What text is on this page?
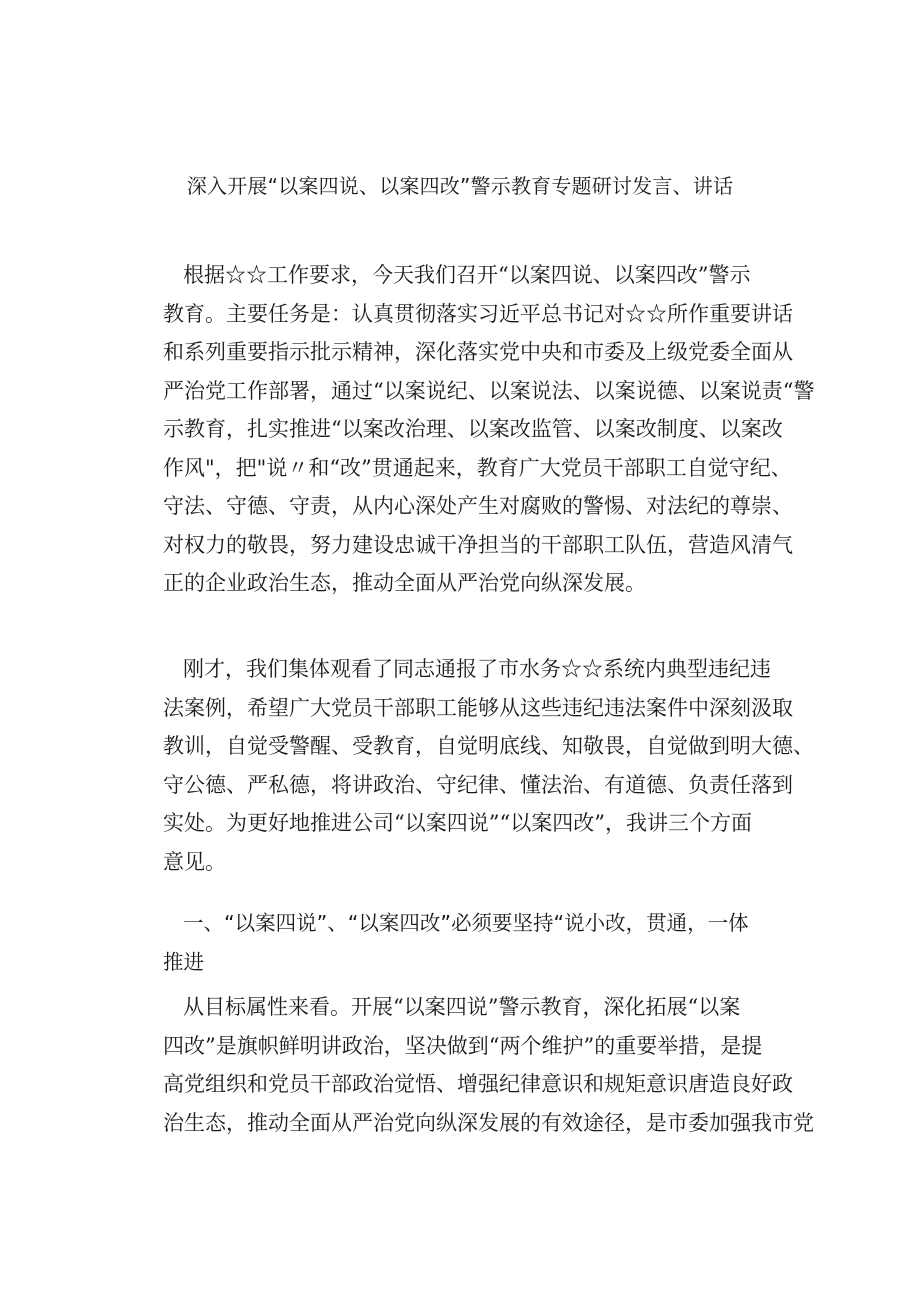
深入开展“以案四说、以案四改”警示教育专题研讨发言、讲话
根据☆☆工作要求，今天我们召开“以案四说、以案四改”警示
教育。主要任务是：认真贯彻落实习近平总书记对☆☆所作重要讲话
和系列重要指示批示精神，深化落实党中央和市委及上级党委全面从
严治党工作部署，通过“以案说纪、以案说法、以案说德、以案说责“警
示教育，扎实推进“以案改治理、以案改监管、以案改制度、以案改
作风"，把"说〃和“改”贯通起来，教育广大党员干部职工自觉守纪、
守法、守德、守责，从内心深处产生对腐败的警惕、对法纪的尊崇、
对权力的敬畏，努力建设忠诚干净担当的干部职工队伍，营造风清气
正的企业政治生态，推动全面从严治党向纵深发展。
刚才，我们集体观看了同志通报了市水务☆☆系统内典型违纪违
法案例，希望广大党员干部职工能够从这些违纪违法案件中深刻汲取
教训，自觉受警醒、受教育，自觉明底线、知敬畏，自觉做到明大德、
守公德、严私德，将讲政治、守纪律、懂法治、有道德、负责任落到
实处。为更好地推进公司“以案四说”“以案四改”，我讲三个方面
意见。
一、“以案四说”、“以案四改”必须要坚持“说小改，贯通，一体
推进
从目标属性来看。开展“以案四说”警示教育，深化拓展“以案
四改”是旗帜鲜明讲政治，坚决做到“两个维护”的重要举措，是提
高党组织和党员干部政治觉悟、增强纪律意识和规矩意识唐造良好政
治生态，推动全面从严治党向纵深发展的有效途径，是市委加强我市党
